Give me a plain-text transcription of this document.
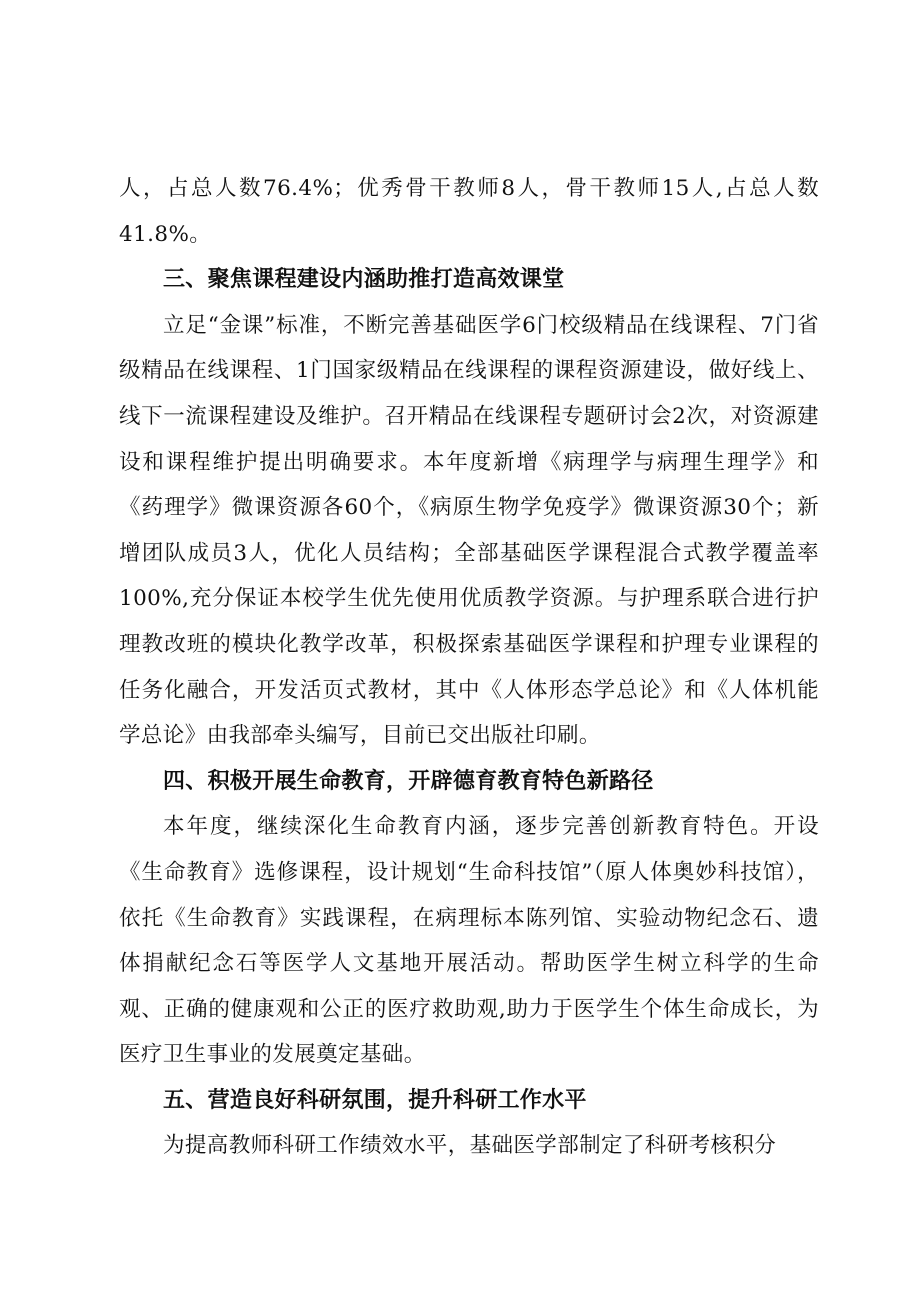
人，占总人数76.4%；优秀骨干教师8人，骨干教师15人,占总人数41.8%。

三、聚焦课程建设内涵助推打造高效课堂

立足“金课”标准，不断完善基础医学6门校级精品在线课程、7门省级精品在线课程、1门国家级精品在线课程的课程资源建设，做好线上、线下一流课程建设及维护。召开精品在线课程专题研讨会2次，对资源建设和课程维护提出明确要求。本年度新增《病理学与病理生理学》和《药理学》微课资源各60个，《病原生物学免疫学》微课资源30个；新增团队成员3人，优化人员结构；全部基础医学课程混合式教学覆盖率100%,充分保证本校学生优先使用优质教学资源。与护理系联合进行护理教改班的模块化教学改革，积极探索基础医学课程和护理专业课程的任务化融合，开发活页式教材，其中《人体形态学总论》和《人体机能学总论》由我部牵头编写，目前已交出版社印刷。

四、积极开展生命教育，开辟德育教育特色新路径

本年度，继续深化生命教育内涵，逐步完善创新教育特色。开设《生命教育》选修课程，设计规划“生命科技馆”（原人体奥妙科技馆），依托《生命教育》实践课程，在病理标本陈列馆、实验动物纪念石、遗体捐献纪念石等医学人文基地开展活动。帮助医学生树立科学的生命观、正确的健康观和公正的医疗救助观,助力于医学生个体生命成长，为医疗卫生事业的发展奠定基础。

五、营造良好科研氛围，提升科研工作水平

为提高教师科研工作绩效水平，基础医学部制定了科研考核积分
